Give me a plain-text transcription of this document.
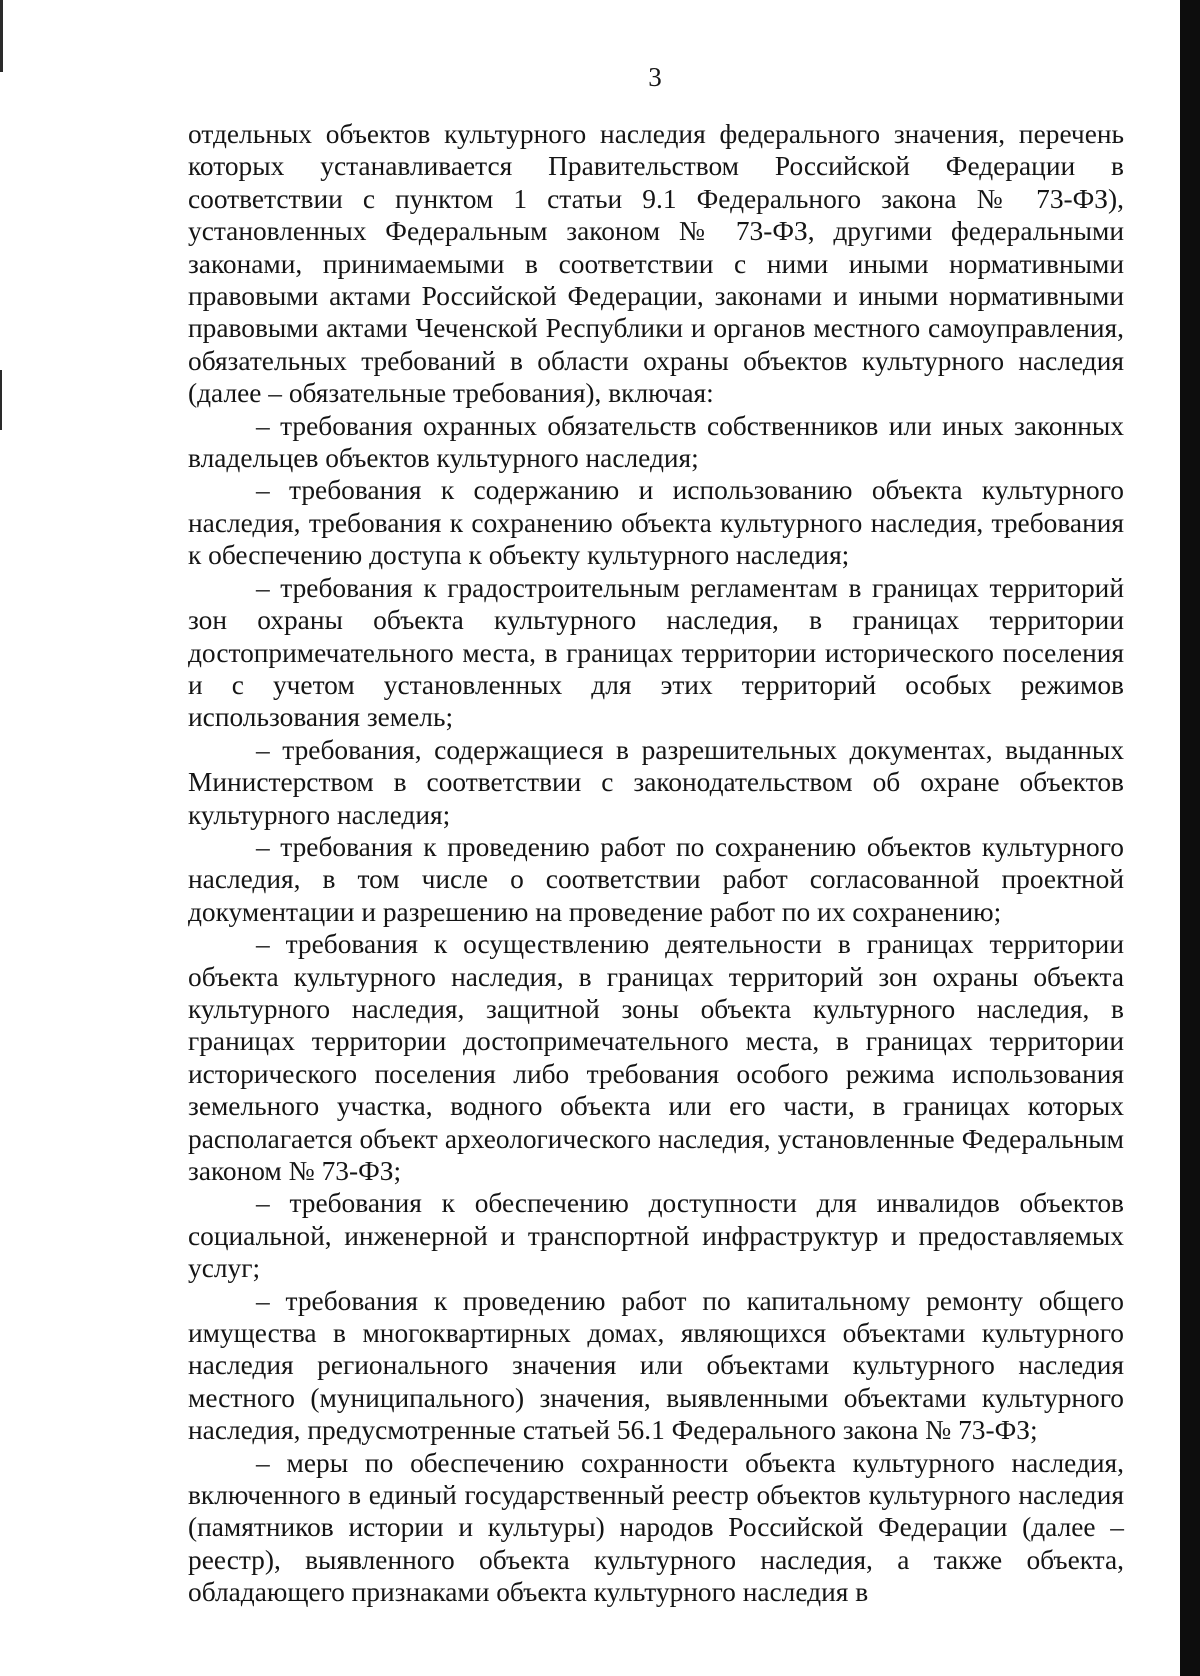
3

отдельных объектов культурного наследия федерального значения, перечень которых устанавливается Правительством Российской Федерации в соответствии с пунктом 1 статьи 9.1 Федерального закона № 73-ФЗ), установленных Федеральным законом № 73-ФЗ, другими федеральными законами, принимаемыми в соответствии с ними иными нормативными правовыми актами Российской Федерации, законами и иными нормативными правовыми актами Чеченской Республики и органов местного самоуправления, обязательных требований в области охраны объектов культурного наследия (далее – обязательные требования), включая:

– требования охранных обязательств собственников или иных законных владельцев объектов культурного наследия;

– требования к содержанию и использованию объекта культурного наследия, требования к сохранению объекта культурного наследия, требования к обеспечению доступа к объекту культурного наследия;

– требования к градостроительным регламентам в границах территорий зон охраны объекта культурного наследия, в границах территории достопримечательного места, в границах территории исторического поселения и с учетом установленных для этих территорий особых режимов использования земель;

– требования, содержащиеся в разрешительных документах, выданных Министерством в соответствии с законодательством об охране объектов культурного наследия;

– требования к проведению работ по сохранению объектов культурного наследия, в том числе о соответствии работ согласованной проектной документации и разрешению на проведение работ по их сохранению;

– требования к осуществлению деятельности в границах территории объекта культурного наследия, в границах территорий зон охраны объекта культурного наследия, защитной зоны объекта культурного наследия, в границах территории достопримечательного места, в границах территории исторического поселения либо требования особого режима использования земельного участка, водного объекта или его части, в границах которых располагается объект археологического наследия, установленные Федеральным законом № 73-ФЗ;

– требования к обеспечению доступности для инвалидов объектов социальной, инженерной и транспортной инфраструктур и предоставляемых услуг;

– требования к проведению работ по капитальному ремонту общего имущества в многоквартирных домах, являющихся объектами культурного наследия регионального значения или объектами культурного наследия местного (муниципального) значения, выявленными объектами культурного наследия, предусмотренные статьей 56.1 Федерального закона № 73-ФЗ;

– меры по обеспечению сохранности объекта культурного наследия, включенного в единый государственный реестр объектов культурного наследия (памятников истории и культуры) народов Российской Федерации (далее – реестр), выявленного объекта культурного наследия, а также объекта, обладающего признаками объекта культурного наследия в
